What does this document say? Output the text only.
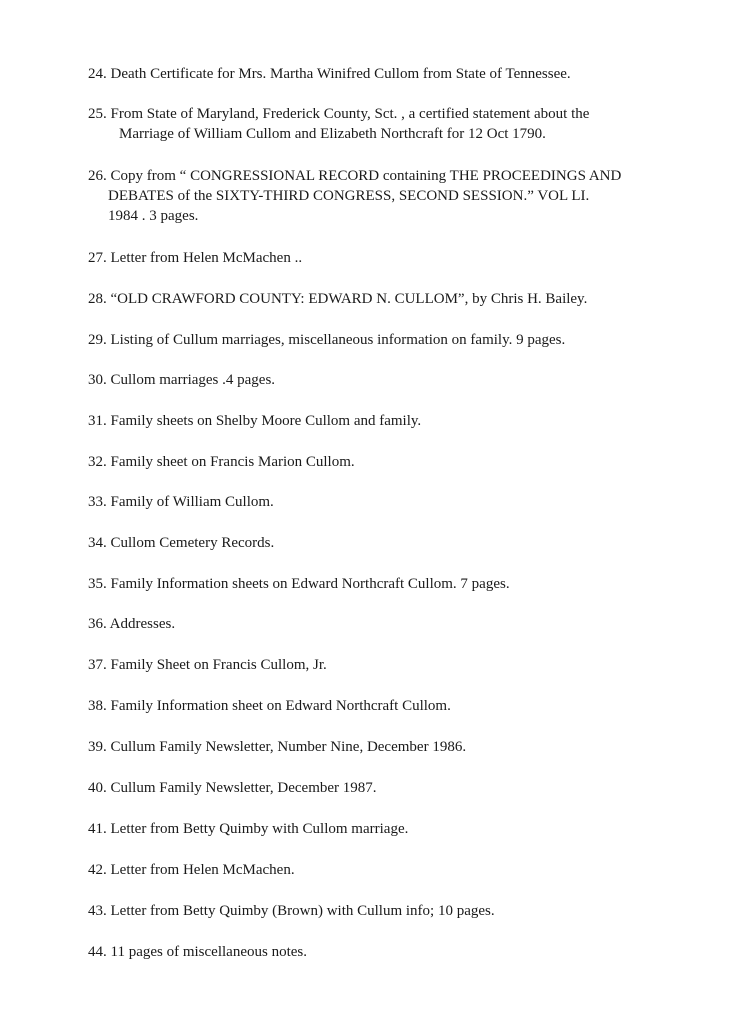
24. Death Certificate for Mrs. Martha Winifred Cullom from State of Tennessee.
25. From State of Maryland, Frederick County, Sct. , a certified statement about the
Marriage of William Cullom and Elizabeth Northcraft for 12 Oct 1790.
26. Copy from “ CONGRESSIONAL RECORD containing THE PROCEEDINGS AND
DEBATES of the SIXTY-THIRD CONGRESS, SECOND SESSION.” VOL LI.
1984 . 3 pages.
27. Letter from Helen McMachen ..
28. “OLD CRAWFORD COUNTY: EDWARD N. CULLOM”, by Chris H. Bailey.
29. Listing of Cullum marriages, miscellaneous information on family. 9 pages.
30. Cullom marriages .4 pages.
31. Family sheets on Shelby Moore Cullom and family.
32. Family sheet on Francis Marion Cullom.
33. Family of William Cullom.
34. Cullom Cemetery Records.
35. Family Information sheets on Edward Northcraft Cullom. 7 pages.
36. Addresses.
37. Family Sheet on Francis Cullom, Jr.
38. Family Information sheet on Edward Northcraft Cullom.
39. Cullum Family Newsletter, Number Nine, December 1986.
40. Cullum Family Newsletter, December 1987.
41. Letter from Betty Quimby with Cullom marriage.
42. Letter from Helen McMachen.
43. Letter from Betty Quimby (Brown) with Cullum info; 10 pages.
44. 11 pages of miscellaneous notes.
